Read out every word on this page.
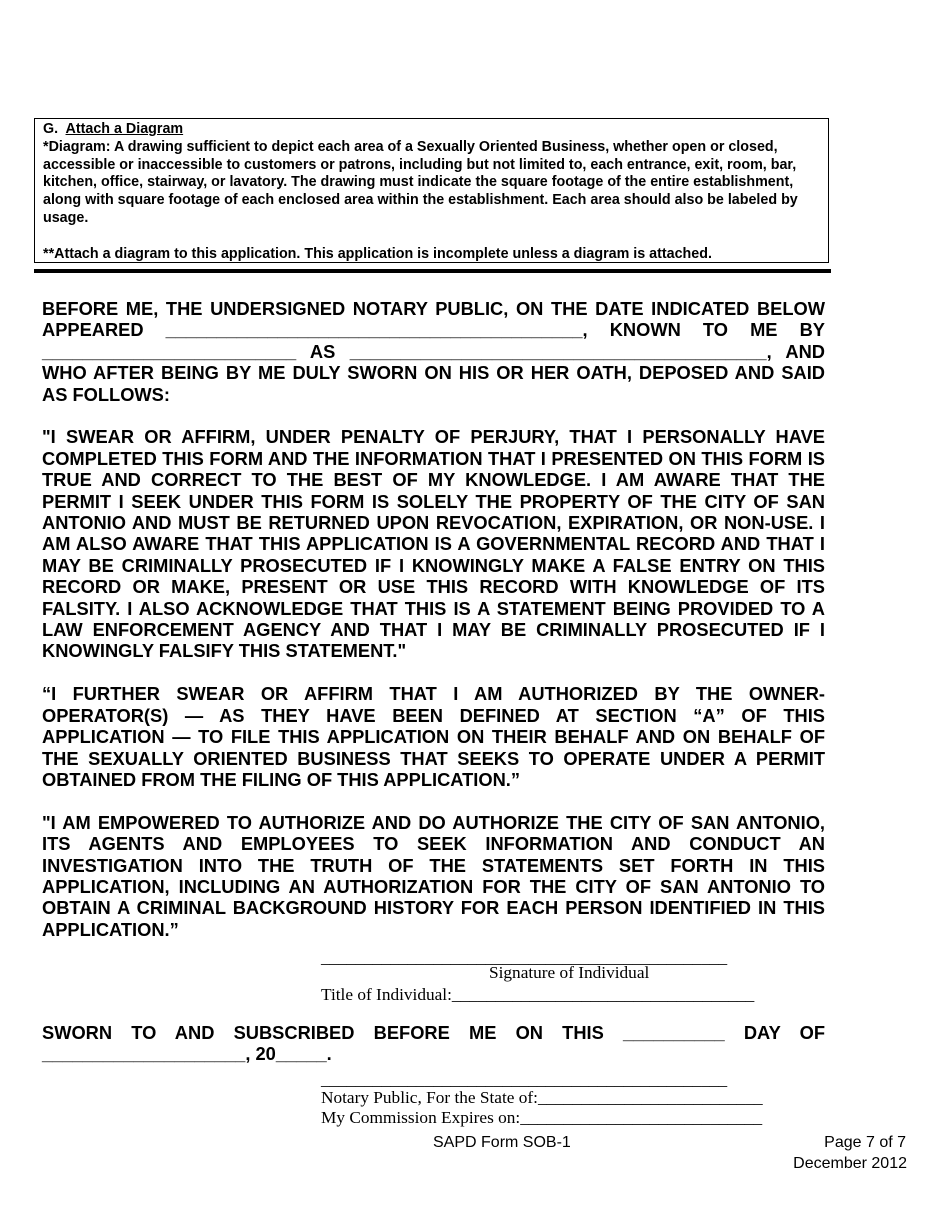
G. Attach a Diagram
*Diagram: A drawing sufficient to depict each area of a Sexually Oriented Business, whether open or closed, accessible or inaccessible to customers or patrons, including but not limited to, each entrance, exit, room, bar, kitchen, office, stairway, or lavatory. The drawing must indicate the square footage of the entire establishment, along with square footage of each enclosed area within the establishment. Each area should also be labeled by usage.
**Attach a diagram to this application. This application is incomplete unless a diagram is attached.

BEFORE ME, THE UNDERSIGNED NOTARY PUBLIC, ON THE DATE INDICATED BELOW APPEARED _________________________________________, KNOWN TO ME BY _________________________ AS _________________________________________, AND WHO AFTER BEING BY ME DULY SWORN ON HIS OR HER OATH, DEPOSED AND SAID AS FOLLOWS:

"I SWEAR OR AFFIRM, UNDER PENALTY OF PERJURY, THAT I PERSONALLY HAVE COMPLETED THIS FORM AND THE INFORMATION THAT I PRESENTED ON THIS FORM IS TRUE AND CORRECT TO THE BEST OF MY KNOWLEDGE. I AM AWARE THAT THE PERMIT I SEEK UNDER THIS FORM IS SOLELY THE PROPERTY OF THE CITY OF SAN ANTONIO AND MUST BE RETURNED UPON REVOCATION, EXPIRATION, OR NON-USE. I AM ALSO AWARE THAT THIS APPLICATION IS A GOVERNMENTAL RECORD AND THAT I MAY BE CRIMINALLY PROSECUTED IF I KNOWINGLY MAKE A FALSE ENTRY ON THIS RECORD OR MAKE, PRESENT OR USE THIS RECORD WITH KNOWLEDGE OF ITS FALSITY. I ALSO ACKNOWLEDGE THAT THIS IS A STATEMENT BEING PROVIDED TO A LAW ENFORCEMENT AGENCY AND THAT I MAY BE CRIMINALLY PROSECUTED IF I KNOWINGLY FALSIFY THIS STATEMENT."

“I FURTHER SWEAR OR AFFIRM THAT I AM AUTHORIZED BY THE OWNER-OPERATOR(S) — AS THEY HAVE BEEN DEFINED AT SECTION “A” OF THIS APPLICATION — TO FILE THIS APPLICATION ON THEIR BEHALF AND ON BEHALF OF THE SEXUALLY ORIENTED BUSINESS THAT SEEKS TO OPERATE UNDER A PERMIT OBTAINED FROM THE FILING OF THIS APPLICATION.”

"I AM EMPOWERED TO AUTHORIZE AND DO AUTHORIZE THE CITY OF SAN ANTONIO, ITS AGENTS AND EMPLOYEES TO SEEK INFORMATION AND CONDUCT AN INVESTIGATION INTO THE TRUTH OF THE STATEMENTS SET FORTH IN THIS APPLICATION, INCLUDING AN AUTHORIZATION FOR THE CITY OF SAN ANTONIO TO OBTAIN A CRIMINAL BACKGROUND HISTORY FOR EACH PERSON IDENTIFIED IN THIS APPLICATION.”

_______________________________________________
Signature of Individual
Title of Individual:___________________________________
SWORN TO AND SUBSCRIBED BEFORE ME ON THIS __________ DAY OF ____________________, 20_____.
_______________________________________________
Notary Public, For the State of:__________________________
My Commission Expires on:____________________________
SAPD Form SOB-1	Page 7 of 7
December 2012
